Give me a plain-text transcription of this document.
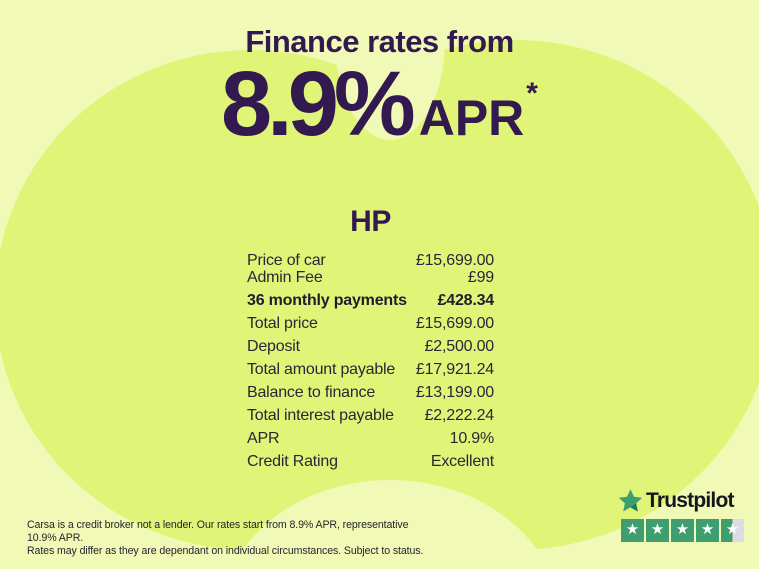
Finance rates from
8.9% APR *
HP
Price of car	£15,699.00
Admin Fee	£99
36 monthly payments £428.34
Total price	£15,699.00
Deposit	£2,500.00
Total amount payable £17,921.24
Balance to finance	£13,199.00
Total interest payable £2,222.24
APR	10.9%
Credit Rating	Excellent
Carsa is a credit broker not a lender. Our rates start from 8.9% APR, representative 10.9% APR.
Rates may differ as they are dependant on individual circumstances. Subject to status.
Trustpilot
★ ★ ★ ★ ★
